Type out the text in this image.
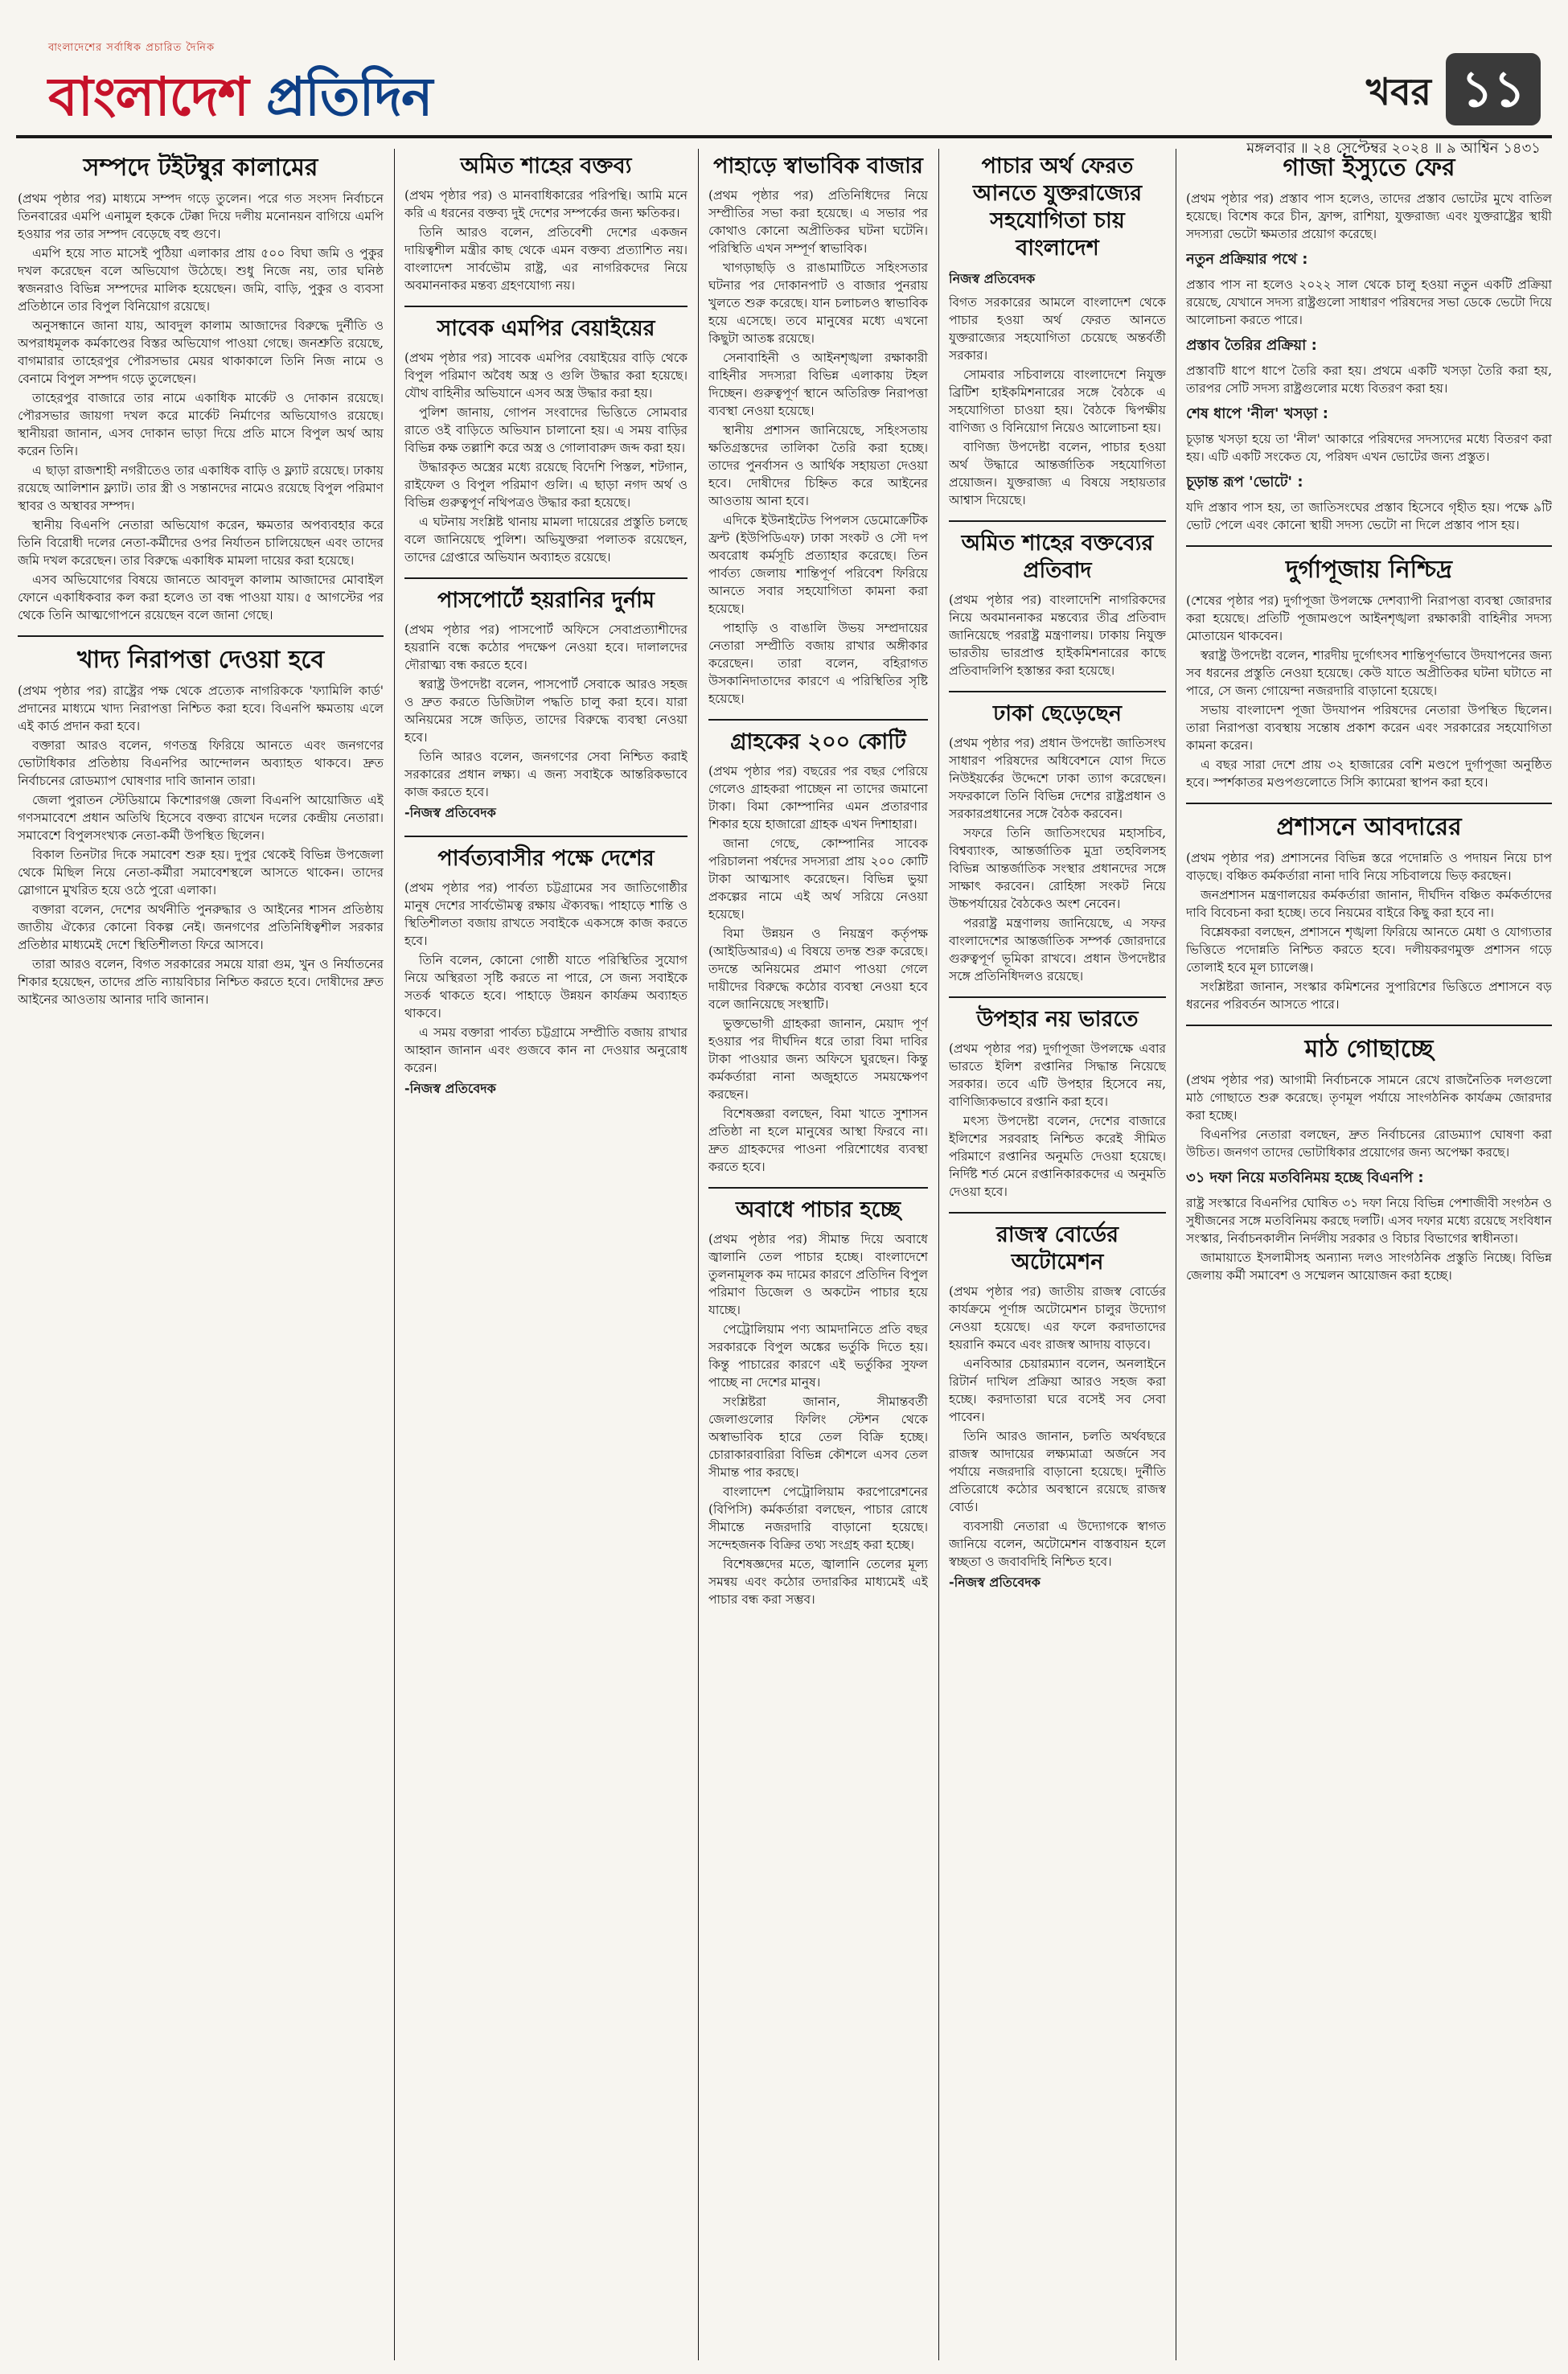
বাংলাদেশের সর্বাধিক প্রচারিত দৈনিক
বাংলাদেশ প্রতিদিন	খবর ১১
মঙ্গলবার ॥ ২৪ সেপ্টেম্বর ২০২৪ ॥ ৯ আশ্বিন ১৪৩১
সম্পদে টইটম্বুর কালামের

(প্রথম পৃষ্ঠার পর) মাধ্যমে সম্পদ গড়ে তুলেন। পরে গত সংসদ নির্বাচনে তিনবারের এমপি এনামুল হককে টেক্কা দিয়ে দলীয় মনোনয়ন বাগিয়ে এমপি হওয়ার পর তার সম্পদ বেড়েছে বহু গুণে।

এমপি হয়ে সাত মাসেই পুঠিয়া এলাকার প্রায় ৫০০ বিঘা জমি ও পুকুর দখল করেছেন বলে অভিযোগ উঠেছে। শুধু নিজে নয়, তার ঘনিষ্ঠ স্বজনরাও বিভিন্ন সম্পদের মালিক হয়েছেন। জমি, বাড়ি, পুকুর ও ব্যবসা প্রতিষ্ঠানে তার বিপুল বিনিয়োগ রয়েছে।

অনুসন্ধানে জানা যায়, আবদুল কালাম আজাদের বিরুদ্ধে দুর্নীতি ও অপরাধমূলক কর্মকাণ্ডের বিস্তর অভিযোগ পাওয়া গেছে। জনশ্রুতি রয়েছে, বাগমারার তাহেরপুর পৌরসভার মেয়র থাকাকালে তিনি নিজ নামে ও বেনামে বিপুল সম্পদ গড়ে তুলেছেন।

তাহেরপুর বাজারে তার নামে একাধিক মার্কেট ও দোকান রয়েছে। পৌরসভার জায়গা দখল করে মার্কেট নির্মাণের অভিযোগও রয়েছে। স্থানীয়রা জানান, এসব দোকান ভাড়া দিয়ে প্রতি মাসে বিপুল অর্থ আয় করেন তিনি।

এ ছাড়া রাজশাহী নগরীতেও তার একাধিক বাড়ি ও ফ্ল্যাট রয়েছে। ঢাকায় রয়েছে আলিশান ফ্ল্যাট। তার স্ত্রী ও সন্তানদের নামেও রয়েছে বিপুল পরিমাণ স্থাবর ও অস্থাবর সম্পদ।

স্থানীয় বিএনপি নেতারা অভিযোগ করেন, ক্ষমতার অপব্যবহার করে তিনি বিরোধী দলের নেতা-কর্মীদের ওপর নির্যাতন চালিয়েছেন এবং তাদের জমি দখল করেছেন। তার বিরুদ্ধে একাধিক মামলা দায়ের করা হয়েছে।

এসব অভিযোগের বিষয়ে জানতে আবদুল কালাম আজাদের মোবাইল ফোনে একাধিকবার কল করা হলেও তা বন্ধ পাওয়া যায়। ৫ আগস্টের পর থেকে তিনি আত্মগোপনে রয়েছেন বলে জানা গেছে।

খাদ্য নিরাপত্তা দেওয়া হবে

(প্রথম পৃষ্ঠার পর) রাষ্ট্রের পক্ষ থেকে প্রত্যেক নাগরিককে 'ফ্যামিলি কার্ড' প্রদানের মাধ্যমে খাদ্য নিরাপত্তা নিশ্চিত করা হবে। বিএনপি ক্ষমতায় এলে এই কার্ড প্রদান করা হবে।

বক্তারা আরও বলেন, গণতন্ত্র ফিরিয়ে আনতে এবং জনগণের ভোটাধিকার প্রতিষ্ঠায় বিএনপির আন্দোলন অব্যাহত থাকবে। দ্রুত নির্বাচনের রোডম্যাপ ঘোষণার দাবি জানান তারা।

জেলা পুরাতন স্টেডিয়ামে কিশোরগঞ্জ জেলা বিএনপি আয়োজিত এই গণসমাবেশে প্রধান অতিথি হিসেবে বক্তব্য রাখেন দলের কেন্দ্রীয় নেতারা। সমাবেশে বিপুলসংখ্যক নেতা-কর্মী উপস্থিত ছিলেন।

বিকাল তিনটার দিকে সমাবেশ শুরু হয়। দুপুর থেকেই বিভিন্ন উপজেলা থেকে মিছিল নিয়ে নেতা-কর্মীরা সমাবেশস্থলে আসতে থাকেন। তাদের স্লোগানে মুখরিত হয়ে ওঠে পুরো এলাকা।

বক্তারা বলেন, দেশের অর্থনীতি পুনরুদ্ধার ও আইনের শাসন প্রতিষ্ঠায় জাতীয় ঐক্যের কোনো বিকল্প নেই। জনগণের প্রতিনিধিত্বশীল সরকার প্রতিষ্ঠার মাধ্যমেই দেশে স্থিতিশীলতা ফিরে আসবে।

তারা আরও বলেন, বিগত সরকারের সময়ে যারা গুম, খুন ও নির্যাতনের শিকার হয়েছেন, তাদের প্রতি ন্যায়বিচার নিশ্চিত করতে হবে। দোষীদের দ্রুত আইনের আওতায় আনার দাবি জানান।

অমিত শাহের বক্তব্য

(প্রথম পৃষ্ঠার পর) ও মানবাধিকারের পরিপন্থি। আমি মনে করি এ ধরনের বক্তব্য দুই দেশের সম্পর্কের জন্য ক্ষতিকর।

তিনি আরও বলেন, প্রতিবেশী দেশের একজন দায়িত্বশীল মন্ত্রীর কাছ থেকে এমন বক্তব্য প্রত্যাশিত নয়। বাংলাদেশ সার্বভৌম রাষ্ট্র, এর নাগরিকদের নিয়ে অবমাননাকর মন্তব্য গ্রহণযোগ্য নয়।

সাবেক এমপির বেয়াইয়ের

(প্রথম পৃষ্ঠার পর) সাবেক এমপির বেয়াইয়ের বাড়ি থেকে বিপুল পরিমাণ অবৈধ অস্ত্র ও গুলি উদ্ধার করা হয়েছে। যৌথ বাহিনীর অভিযানে এসব অস্ত্র উদ্ধার করা হয়।

পুলিশ জানায়, গোপন সংবাদের ভিত্তিতে সোমবার রাতে ওই বাড়িতে অভিযান চালানো হয়। এ সময় বাড়ির বিভিন্ন কক্ষ তল্লাশি করে অস্ত্র ও গোলাবারুদ জব্দ করা হয়।

উদ্ধারকৃত অস্ত্রের মধ্যে রয়েছে বিদেশি পিস্তল, শটগান, রাইফেল ও বিপুল পরিমাণ গুলি। এ ছাড়া নগদ অর্থ ও বিভিন্ন গুরুত্বপূর্ণ নথিপত্রও উদ্ধার করা হয়েছে।

এ ঘটনায় সংশ্লিষ্ট থানায় মামলা দায়েরের প্রস্তুতি চলছে বলে জানিয়েছে পুলিশ। অভিযুক্তরা পলাতক রয়েছেন, তাদের গ্রেপ্তারে অভিযান অব্যাহত রয়েছে।

পাসপোর্টে হয়রানির দুর্নাম

(প্রথম পৃষ্ঠার পর) পাসপোর্ট অফিসে সেবাপ্রত্যাশীদের হয়রানি বন্ধে কঠোর পদক্ষেপ নেওয়া হবে। দালালদের দৌরাত্ম্য বন্ধ করতে হবে।

স্বরাষ্ট্র উপদেষ্টা বলেন, পাসপোর্ট সেবাকে আরও সহজ ও দ্রুত করতে ডিজিটাল পদ্ধতি চালু করা হবে। যারা অনিয়মের সঙ্গে জড়িত, তাদের বিরুদ্ধে ব্যবস্থা নেওয়া হবে।

তিনি আরও বলেন, জনগণের সেবা নিশ্চিত করাই সরকারের প্রধান লক্ষ্য। এ জন্য সবাইকে আন্তরিকভাবে কাজ করতে হবে।

-নিজস্ব প্রতিবেদক
পার্বত্যবাসীর পক্ষে দেশের

(প্রথম পৃষ্ঠার পর) পার্বত্য চট্টগ্রামের সব জাতিগোষ্ঠীর মানুষ দেশের সার্বভৌমত্ব রক্ষায় ঐক্যবদ্ধ। পাহাড়ে শান্তি ও স্থিতিশীলতা বজায় রাখতে সবাইকে একসঙ্গে কাজ করতে হবে।

তিনি বলেন, কোনো গোষ্ঠী যাতে পরিস্থিতির সুযোগ নিয়ে অস্থিরতা সৃষ্টি করতে না পারে, সে জন্য সবাইকে সতর্ক থাকতে হবে। পাহাড়ে উন্নয়ন কার্যক্রম অব্যাহত থাকবে।

এ সময় বক্তারা পার্বত্য চট্টগ্রামে সম্প্রীতি বজায় রাখার আহ্বান জানান এবং গুজবে কান না দেওয়ার অনুরোধ করেন।

-নিজস্ব প্রতিবেদক
পাহাড়ে স্বাভাবিক বাজার

(প্রথম পৃষ্ঠার পর) প্রতিনিধিদের নিয়ে সম্প্রীতির সভা করা হয়েছে। এ সভার পর কোথাও কোনো অপ্রীতিকর ঘটনা ঘটেনি। পরিস্থিতি এখন সম্পূর্ণ স্বাভাবিক।

খাগড়াছড়ি ও রাঙামাটিতে সহিংসতার ঘটনার পর দোকানপাট ও বাজার পুনরায় খুলতে শুরু করেছে। যান চলাচলও স্বাভাবিক হয়ে এসেছে। তবে মানুষের মধ্যে এখনো কিছুটা আতঙ্ক রয়েছে।

সেনাবাহিনী ও আইনশৃঙ্খলা রক্ষাকারী বাহিনীর সদস্যরা বিভিন্ন এলাকায় টহল দিচ্ছেন। গুরুত্বপূর্ণ স্থানে অতিরিক্ত নিরাপত্তা ব্যবস্থা নেওয়া হয়েছে।

স্থানীয় প্রশাসন জানিয়েছে, সহিংসতায় ক্ষতিগ্রস্তদের তালিকা তৈরি করা হচ্ছে। তাদের পুনর্বাসন ও আর্থিক সহায়তা দেওয়া হবে। দোষীদের চিহ্নিত করে আইনের আওতায় আনা হবে।

এদিকে ইউনাইটেড পিপলস ডেমোক্রেটিক ফ্রন্ট (ইউপিডিএফ) ঢাকা সংকট ও সৌ দপ অবরোধ কর্মসূচি প্রত্যাহার করেছে। তিন পার্বত্য জেলায় শান্তিপূর্ণ পরিবেশ ফিরিয়ে আনতে সবার সহযোগিতা কামনা করা হয়েছে।

পাহাড়ি ও বাঙালি উভয় সম্প্রদায়ের নেতারা সম্প্রীতি বজায় রাখার অঙ্গীকার করেছেন। তারা বলেন, বহিরাগত উসকানিদাতাদের কারণে এ পরিস্থিতির সৃষ্টি হয়েছে।

গ্রাহকের ২০০ কোটি

(প্রথম পৃষ্ঠার পর) বছরের পর বছর পেরিয়ে গেলেও গ্রাহকরা পাচ্ছেন না তাদের জমানো টাকা। বিমা কোম্পানির এমন প্রতারণার শিকার হয়ে হাজারো গ্রাহক এখন দিশাহারা।

জানা গেছে, কোম্পানির সাবেক পরিচালনা পর্ষদের সদস্যরা প্রায় ২০০ কোটি টাকা আত্মসাৎ করেছেন। বিভিন্ন ভুয়া প্রকল্পের নামে এই অর্থ সরিয়ে নেওয়া হয়েছে।

বিমা উন্নয়ন ও নিয়ন্ত্রণ কর্তৃপক্ষ (আইডিআরএ) এ বিষয়ে তদন্ত শুরু করেছে। তদন্তে অনিয়মের প্রমাণ পাওয়া গেলে দায়ীদের বিরুদ্ধে কঠোর ব্যবস্থা নেওয়া হবে বলে জানিয়েছে সংস্থাটি।

ভুক্তভোগী গ্রাহকরা জানান, মেয়াদ পূর্ণ হওয়ার পর দীর্ঘদিন ধরে তারা বিমা দাবির টাকা পাওয়ার জন্য অফিসে ঘুরছেন। কিন্তু কর্মকর্তারা নানা অজুহাতে সময়ক্ষেপণ করছেন।

বিশেষজ্ঞরা বলছেন, বিমা খাতে সুশাসন প্রতিষ্ঠা না হলে মানুষের আস্থা ফিরবে না। দ্রুত গ্রাহকদের পাওনা পরিশোধের ব্যবস্থা করতে হবে।

অবাধে পাচার হচ্ছে

(প্রথম পৃষ্ঠার পর) সীমান্ত দিয়ে অবাধে জ্বালানি তেল পাচার হচ্ছে। বাংলাদেশে তুলনামূলক কম দামের কারণে প্রতিদিন বিপুল পরিমাণ ডিজেল ও অকটেন পাচার হয়ে যাচ্ছে।

পেট্রোলিয়াম পণ্য আমদানিতে প্রতি বছর সরকারকে বিপুল অঙ্কের ভর্তুকি দিতে হয়। কিন্তু পাচারের কারণে এই ভর্তুকির সুফল পাচ্ছে না দেশের মানুষ।

সংশ্লিষ্টরা জানান, সীমান্তবর্তী জেলাগুলোর ফিলিং স্টেশন থেকে অস্বাভাবিক হারে তেল বিক্রি হচ্ছে। চোরাকারবারিরা বিভিন্ন কৌশলে এসব তেল সীমান্ত পার করছে।

বাংলাদেশ পেট্রোলিয়াম করপোরেশনের (বিপিসি) কর্মকর্তারা বলছেন, পাচার রোধে সীমান্তে নজরদারি বাড়ানো হয়েছে। সন্দেহজনক বিক্রির তথ্য সংগ্রহ করা হচ্ছে।

বিশেষজ্ঞদের মতে, জ্বালানি তেলের মূল্য সমন্বয় এবং কঠোর তদারকির মাধ্যমেই এই পাচার বন্ধ করা সম্ভব।

পাচার অর্থ ফেরত আনতে যুক্তরাজ্যের সহযোগিতা চায় বাংলাদেশ
নিজস্ব প্রতিবেদক

বিগত সরকারের আমলে বাংলাদেশ থেকে পাচার হওয়া অর্থ ফেরত আনতে যুক্তরাজ্যের সহযোগিতা চেয়েছে অন্তর্বর্তী সরকার।

সোমবার সচিবালয়ে বাংলাদেশে নিযুক্ত ব্রিটিশ হাইকমিশনারের সঙ্গে বৈঠকে এ সহযোগিতা চাওয়া হয়। বৈঠকে দ্বিপক্ষীয় বাণিজ্য ও বিনিয়োগ নিয়েও আলোচনা হয়।

বাণিজ্য উপদেষ্টা বলেন, পাচার হওয়া অর্থ উদ্ধারে আন্তর্জাতিক সহযোগিতা প্রয়োজন। যুক্তরাজ্য এ বিষয়ে সহায়তার আশ্বাস দিয়েছে।

অমিত শাহের বক্তব্যের প্রতিবাদ

(প্রথম পৃষ্ঠার পর) বাংলাদেশি নাগরিকদের নিয়ে অবমাননাকর মন্তব্যের তীব্র প্রতিবাদ জানিয়েছে পররাষ্ট্র মন্ত্রণালয়। ঢাকায় নিযুক্ত ভারতীয় ভারপ্রাপ্ত হাইকমিশনারের কাছে প্রতিবাদলিপি হস্তান্তর করা হয়েছে।

ঢাকা ছেড়েছেন

(প্রথম পৃষ্ঠার পর) প্রধান উপদেষ্টা জাতিসংঘ সাধারণ পরিষদের অধিবেশনে যোগ দিতে নিউইয়র্কের উদ্দেশে ঢাকা ত্যাগ করেছেন। সফরকালে তিনি বিভিন্ন দেশের রাষ্ট্রপ্রধান ও সরকারপ্রধানের সঙ্গে বৈঠক করবেন।

সফরে তিনি জাতিসংঘের মহাসচিব, বিশ্বব্যাংক, আন্তর্জাতিক মুদ্রা তহবিলসহ বিভিন্ন আন্তর্জাতিক সংস্থার প্রধানদের সঙ্গে সাক্ষাৎ করবেন। রোহিঙ্গা সংকট নিয়ে উচ্চপর্যায়ের বৈঠকেও অংশ নেবেন।

পররাষ্ট্র মন্ত্রণালয় জানিয়েছে, এ সফর বাংলাদেশের আন্তর্জাতিক সম্পর্ক জোরদারে গুরুত্বপূর্ণ ভূমিকা রাখবে। প্রধান উপদেষ্টার সঙ্গে প্রতিনিধিদলও রয়েছে।

উপহার নয় ভারতে

(প্রথম পৃষ্ঠার পর) দুর্গাপূজা উপলক্ষে এবার ভারতে ইলিশ রপ্তানির সিদ্ধান্ত নিয়েছে সরকার। তবে এটি উপহার হিসেবে নয়, বাণিজ্যিকভাবে রপ্তানি করা হবে।

মৎস্য উপদেষ্টা বলেন, দেশের বাজারে ইলিশের সরবরাহ নিশ্চিত করেই সীমিত পরিমাণে রপ্তানির অনুমতি দেওয়া হয়েছে। নির্দিষ্ট শর্ত মেনে রপ্তানিকারকদের এ অনুমতি দেওয়া হবে।

রাজস্ব বোর্ডের অটোমেশন

(প্রথম পৃষ্ঠার পর) জাতীয় রাজস্ব বোর্ডের কার্যক্রমে পূর্ণাঙ্গ অটোমেশন চালুর উদ্যোগ নেওয়া হয়েছে। এর ফলে করদাতাদের হয়রানি কমবে এবং রাজস্ব আদায় বাড়বে।

এনবিআর চেয়ারম্যান বলেন, অনলাইনে রিটার্ন দাখিল প্রক্রিয়া আরও সহজ করা হচ্ছে। করদাতারা ঘরে বসেই সব সেবা পাবেন।

তিনি আরও জানান, চলতি অর্থবছরে রাজস্ব আদায়ের লক্ষ্যমাত্রা অর্জনে সব পর্যায়ে নজরদারি বাড়ানো হয়েছে। দুর্নীতি প্রতিরোধে কঠোর অবস্থানে রয়েছে রাজস্ব বোর্ড।

ব্যবসায়ী নেতারা এ উদ্যোগকে স্বাগত জানিয়ে বলেন, অটোমেশন বাস্তবায়ন হলে স্বচ্ছতা ও জবাবদিহি নিশ্চিত হবে।

-নিজস্ব প্রতিবেদক
গাজা ইস্যুতে ফের

(প্রথম পৃষ্ঠার পর) প্রস্তাব পাস হলেও, তাদের প্রস্তাব ভোটের মুখে বাতিল হয়েছে। বিশেষ করে চীন, ফ্রান্স, রাশিয়া, যুক্তরাজ্য এবং যুক্তরাষ্ট্রের স্থায়ী সদস্যরা ভেটো ক্ষমতার প্রয়োগ করেছে।

নতুন প্রক্রিয়ার পথে :

প্রস্তাব পাস না হলেও ২০২২ সাল থেকে চালু হওয়া নতুন একটি প্রক্রিয়া রয়েছে, যেখানে সদস্য রাষ্ট্রগুলো সাধারণ পরিষদের সভা ডেকে ভেটো দিয়ে আলোচনা করতে পারে।

প্রস্তাব তৈরির প্রক্রিয়া :

প্রস্তাবটি ধাপে ধাপে তৈরি করা হয়। প্রথমে একটি খসড়া তৈরি করা হয়, তারপর সেটি সদস্য রাষ্ট্রগুলোর মধ্যে বিতরণ করা হয়।

শেষ ধাপে 'নীল' খসড়া :

চূড়ান্ত খসড়া হয়ে তা 'নীল' আকারে পরিষদের সদস্যদের মধ্যে বিতরণ করা হয়। এটি একটি সংকেত যে, পরিষদ এখন ভোটের জন্য প্রস্তুত।

চূড়ান্ত রূপ 'ভোটে' :

যদি প্রস্তাব পাস হয়, তা জাতিসংঘের প্রস্তাব হিসেবে গৃহীত হয়। পক্ষে ৯টি ভোট পেলে এবং কোনো স্থায়ী সদস্য ভেটো না দিলে প্রস্তাব পাস হয়।

দুর্গাপূজায় নিশ্চিদ্র

(শেষের পৃষ্ঠার পর) দুর্গাপূজা উপলক্ষে দেশব্যাপী নিরাপত্তা ব্যবস্থা জোরদার করা হয়েছে। প্রতিটি পূজামণ্ডপে আইনশৃঙ্খলা রক্ষাকারী বাহিনীর সদস্য মোতায়েন থাকবেন।

স্বরাষ্ট্র উপদেষ্টা বলেন, শারদীয় দুর্গোৎসব শান্তিপূর্ণভাবে উদযাপনের জন্য সব ধরনের প্রস্তুতি নেওয়া হয়েছে। কেউ যাতে অপ্রীতিকর ঘটনা ঘটাতে না পারে, সে জন্য গোয়েন্দা নজরদারি বাড়ানো হয়েছে।

সভায় বাংলাদেশ পূজা উদযাপন পরিষদের নেতারা উপস্থিত ছিলেন। তারা নিরাপত্তা ব্যবস্থায় সন্তোষ প্রকাশ করেন এবং সরকারের সহযোগিতা কামনা করেন।

এ বছর সারা দেশে প্রায় ৩২ হাজারের বেশি মণ্ডপে দুর্গাপূজা অনুষ্ঠিত হবে। স্পর্শকাতর মণ্ডপগুলোতে সিসি ক্যামেরা স্থাপন করা হবে।

প্রশাসনে আবদারের

(প্রথম পৃষ্ঠার পর) প্রশাসনের বিভিন্ন স্তরে পদোন্নতি ও পদায়ন নিয়ে চাপ বাড়ছে। বঞ্চিত কর্মকর্তারা নানা দাবি নিয়ে সচিবালয়ে ভিড় করছেন।

জনপ্রশাসন মন্ত্রণালয়ের কর্মকর্তারা জানান, দীর্ঘদিন বঞ্চিত কর্মকর্তাদের দাবি বিবেচনা করা হচ্ছে। তবে নিয়মের বাইরে কিছু করা হবে না।

বিশ্লেষকরা বলছেন, প্রশাসনে শৃঙ্খলা ফিরিয়ে আনতে মেধা ও যোগ্যতার ভিত্তিতে পদোন্নতি নিশ্চিত করতে হবে। দলীয়করণমুক্ত প্রশাসন গড়ে তোলাই হবে মূল চ্যালেঞ্জ।

সংশ্লিষ্টরা জানান, সংস্কার কমিশনের সুপারিশের ভিত্তিতে প্রশাসনে বড় ধরনের পরিবর্তন আসতে পারে।

মাঠ গোছাচ্ছে

(প্রথম পৃষ্ঠার পর) আগামী নির্বাচনকে সামনে রেখে রাজনৈতিক দলগুলো মাঠ গোছাতে শুরু করেছে। তৃণমূল পর্যায়ে সাংগঠনিক কার্যক্রম জোরদার করা হচ্ছে।

বিএনপির নেতারা বলছেন, দ্রুত নির্বাচনের রোডম্যাপ ঘোষণা করা উচিত। জনগণ তাদের ভোটাধিকার প্রয়োগের জন্য অপেক্ষা করছে।

৩১ দফা নিয়ে মতবিনিময় হচ্ছে বিএনপি :

রাষ্ট্র সংস্কারে বিএনপির ঘোষিত ৩১ দফা নিয়ে বিভিন্ন পেশাজীবী সংগঠন ও সুধীজনের সঙ্গে মতবিনিময় করছে দলটি। এসব দফার মধ্যে রয়েছে সংবিধান সংস্কার, নির্বাচনকালীন নির্দলীয় সরকার ও বিচার বিভাগের স্বাধীনতা।

জামায়াতে ইসলামীসহ অন্যান্য দলও সাংগঠনিক প্রস্তুতি নিচ্ছে। বিভিন্ন জেলায় কর্মী সমাবেশ ও সম্মেলন আয়োজন করা হচ্ছে।
